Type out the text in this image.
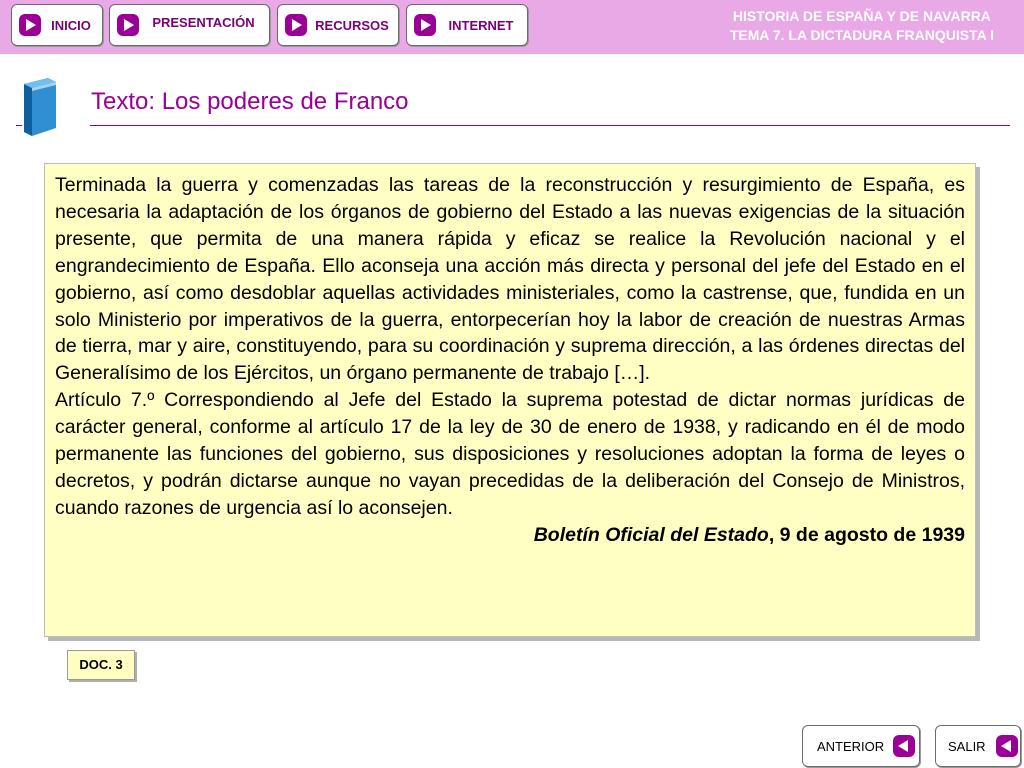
INICIO	PRESENTACIÓN	RECURSOS	INTERNET
HISTORIA DE ESPAÑA Y DE NAVARRA
TEMA 7. LA DICTADURA FRANQUISTA I
Texto: Los poderes de Franco

Terminada la guerra y comenzadas las tareas de la reconstrucción y resurgimiento de España, es necesaria la adaptación de los órganos de gobierno del Estado a las nuevas exigencias de la situación presente, que permita de una manera rápida y eficaz se realice la Revolución nacional y el engrandecimiento de España. Ello aconseja una acción más directa y personal del jefe del Estado en el gobierno, así como desdoblar aquellas actividades ministeriales, como la castrense, que, fundida en un solo Ministerio por imperativos de la guerra, entorpecerían hoy la labor de creación de nuestras Armas de tierra, mar y aire, constituyendo, para su coordinación y suprema dirección, a las órdenes directas del Generalísimo de los Ejércitos, un órgano permanente de trabajo […].

Artículo 7.º Correspondiendo al Jefe del Estado la suprema potestad de dictar normas jurídicas de carácter general, conforme al artículo 17 de la ley de 30 de enero de 1938, y radicando en él de modo permanente las funciones del gobierno, sus disposiciones y resoluciones adoptan la forma de leyes o decretos, y podrán dictarse aunque no vayan precedidas de la deliberación del Consejo de Ministros, cuando razones de urgencia así lo aconsejen.

Boletín Oficial del Estado, 9 de agosto de 1939

DOC. 3
ANTERIOR	SALIR
